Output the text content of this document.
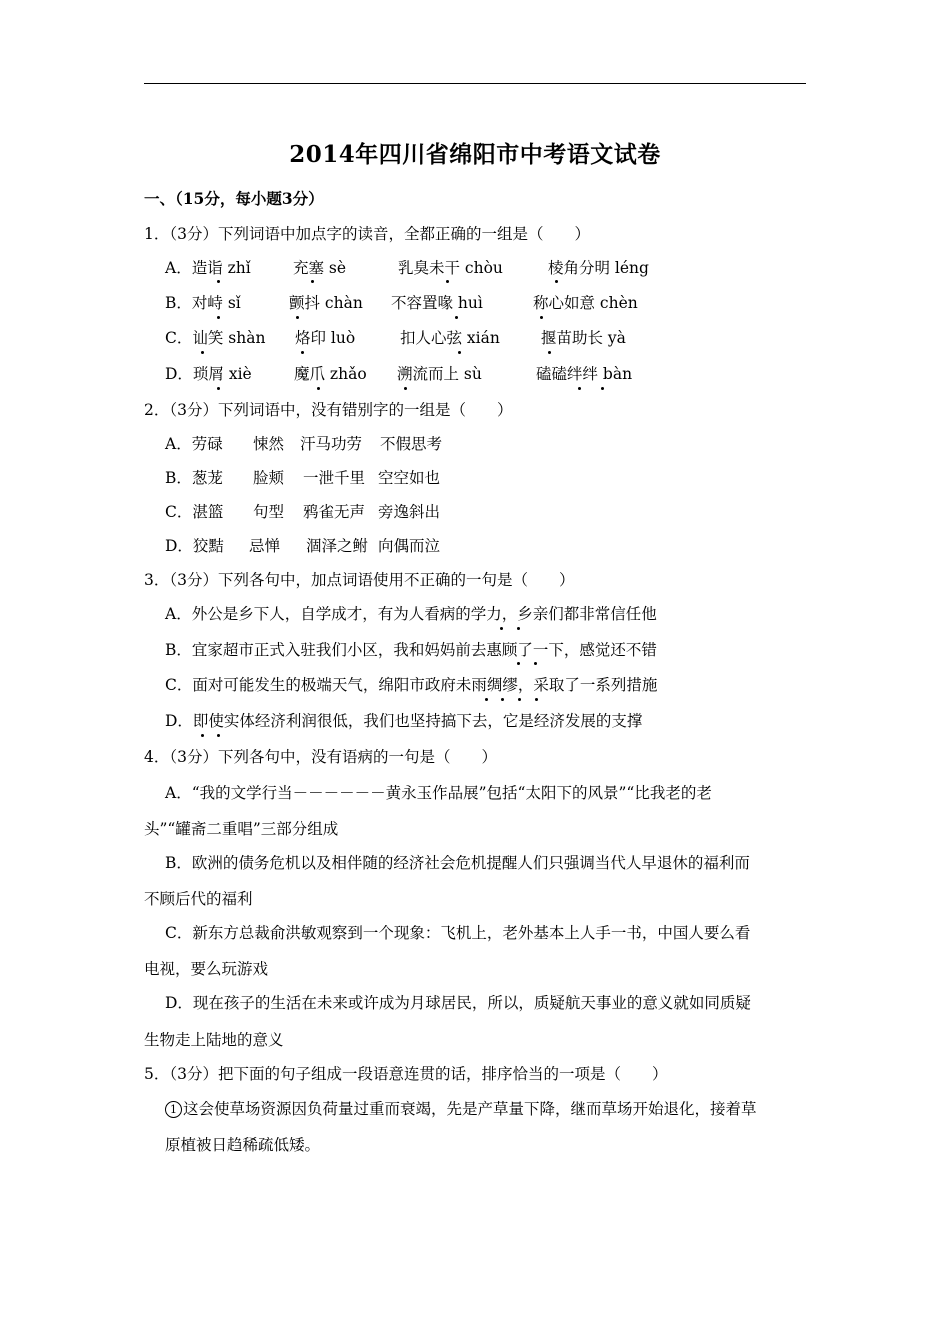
2014年四川省绵阳市中考语文试卷
一、（15分，每小题3分）
1．（3分）下列词语中加点字的读音，全都正确的一组是（　　）
A．造诣 zhǐ	充塞 sè	乳臭未干 chòu	棱角分明 léng
B．对峙 sǐ	颤抖 chàn 不容置喙 huì	称心如意 chèn
C．讪笑 shàn 烙印 luò	扣人心弦 xián	揠苗助长 yà
D．琐屑 xiè	魔爪 zhǎo 溯流而上 sù	磕磕绊绊 bàn
2．（3分）下列词语中，没有错别字的一组是（　　）
A．劳碌 悚然 汗马功劳 不假思考
B．葱茏 脸颊 一泄千里 空空如也
C．湛篮 句型 鸦雀无声 旁逸斜出
D．狡黠 忌惮 涸泽之鲋 向偶而泣
3．（3分）下列各句中，加点词语使用不正确的一句是（　　）
A．外公是乡下人，自学成才，有为人看病的学力，乡亲们都非常信任他
B．宜家超市正式入驻我们小区，我和妈妈前去惠顾了一下，感觉还不错
C．面对可能发生的极端天气，绵阳市政府未雨绸缪，采取了一系列措施
D．即使实体经济利润很低，我们也坚持搞下去，它是经济发展的支撑
4．（3分）下列各句中，没有语病的一句是（　　）
A．“我的文学行当－－－－－－黄永玉作品展”包括“太阳下的风景”“比我老的老
头”“罐斋二重唱”三部分组成
B．欧洲的债务危机以及相伴随的经济社会危机提醒人们只强调当代人早退休的福利而
不顾后代的福利
C．新东方总裁俞洪敏观察到一个现象：飞机上，老外基本上人手一书，中国人要么看
电视，要么玩游戏
D．现在孩子的生活在未来或许成为月球居民，所以，质疑航天事业的意义就如同质疑
生物走上陆地的意义
5．（3分）把下面的句子组成一段语意连贯的话，排序恰当的一项是（　　）
1 这会使草场资源因负荷量过重而衰竭，先是产草量下降，继而草场开始退化，接着草
原植被日趋稀疏低矮。
